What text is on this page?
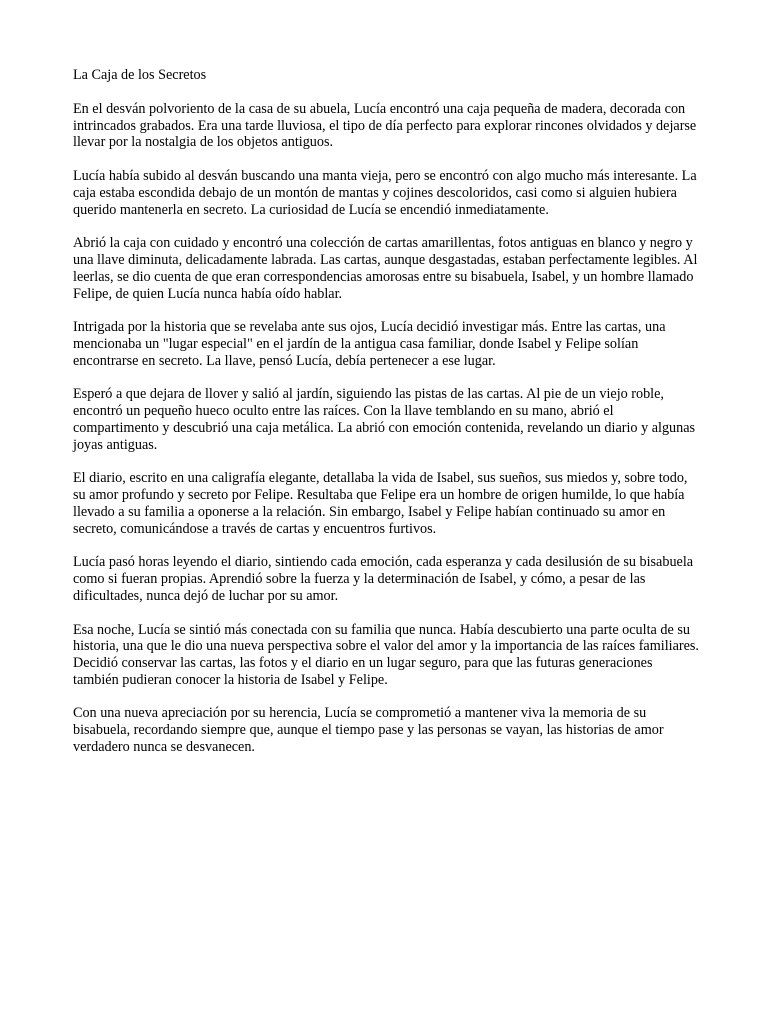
La Caja de los Secretos

En el desván polvoriento de la casa de su abuela, Lucía encontró una caja pequeña de madera, decorada con intrincados grabados. Era una tarde lluviosa, el tipo de día perfecto para explorar rincones olvidados y dejarse llevar por la nostalgia de los objetos antiguos.

Lucía había subido al desván buscando una manta vieja, pero se encontró con algo mucho más interesante. La caja estaba escondida debajo de un montón de mantas y cojines descoloridos, casi como si alguien hubiera querido mantenerla en secreto. La curiosidad de Lucía se encendió inmediatamente.

Abrió la caja con cuidado y encontró una colección de cartas amarillentas, fotos antiguas en blanco y negro y una llave diminuta, delicadamente labrada. Las cartas, aunque desgastadas, estaban perfectamente legibles. Al leerlas, se dio cuenta de que eran correspondencias amorosas entre su bisabuela, Isabel, y un hombre llamado Felipe, de quien Lucía nunca había oído hablar.

Intrigada por la historia que se revelaba ante sus ojos, Lucía decidió investigar más. Entre las cartas, una mencionaba un "lugar especial" en el jardín de la antigua casa familiar, donde Isabel y Felipe solían encontrarse en secreto. La llave, pensó Lucía, debía pertenecer a ese lugar.

Esperó a que dejara de llover y salió al jardín, siguiendo las pistas de las cartas. Al pie de un viejo roble, encontró un pequeño hueco oculto entre las raíces. Con la llave temblando en su mano, abrió el compartimento y descubrió una caja metálica. La abrió con emoción contenida, revelando un diario y algunas joyas antiguas.

El diario, escrito en una caligrafía elegante, detallaba la vida de Isabel, sus sueños, sus miedos y, sobre todo, su amor profundo y secreto por Felipe. Resultaba que Felipe era un hombre de origen humilde, lo que había llevado a su familia a oponerse a la relación. Sin embargo, Isabel y Felipe habían continuado su amor en secreto, comunicándose a través de cartas y encuentros furtivos.

Lucía pasó horas leyendo el diario, sintiendo cada emoción, cada esperanza y cada desilusión de su bisabuela como si fueran propias. Aprendió sobre la fuerza y la determinación de Isabel, y cómo, a pesar de las dificultades, nunca dejó de luchar por su amor.

Esa noche, Lucía se sintió más conectada con su familia que nunca. Había descubierto una parte oculta de su historia, una que le dio una nueva perspectiva sobre el valor del amor y la importancia de las raíces familiares. Decidió conservar las cartas, las fotos y el diario en un lugar seguro, para que las futuras generaciones también pudieran conocer la historia de Isabel y Felipe.

Con una nueva apreciación por su herencia, Lucía se comprometió a mantener viva la memoria de su bisabuela, recordando siempre que, aunque el tiempo pase y las personas se vayan, las historias de amor verdadero nunca se desvanecen.
